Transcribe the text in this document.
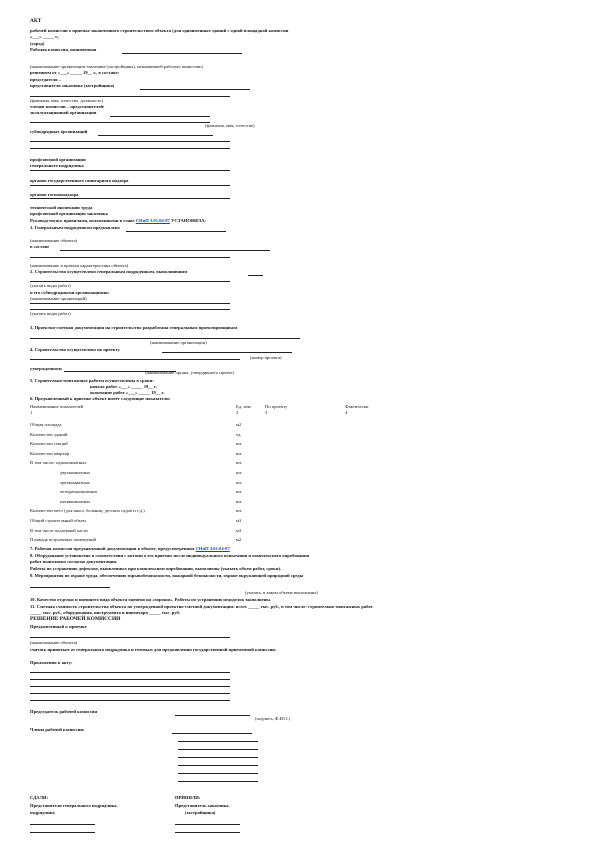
АКТ
рабочей комиссии о приемке законченного строительством объекта (для одноименных зданий с одной площадкой комиссии
«___» _____ г.,
(город)
Рабочая комиссия, назначенная
(наименование организации-заказчика (застройщика), назначившей рабочую комиссию)
решением от «___» _____ 19__ г., в составе:
председателя –
представителя заказчика (застройщика)
(фамилия, имя, отчество, должность)
членов комиссии – представителей:
эксплуатационной организации
(фамилия, имя, отчество)
субподрядных организаций
профсоюзной организации
генерального подрядчика
органов государственного санитарного надзора
органов госпожнадзора
технической инспекции труда
профсоюзной организации заказчика
Руководствуясь правилами, изложенными в главе СНиП 3.01.04-87 УСТАНОВИЛА:
1. Генеральным подрядчиком предъявлено
(наименование объекта)
в составе
(наименование и краткая характеристика объекта)
2. Строительство осуществлено генеральным подрядчиком, выполнившим
(указать виды работ)
и его субподрядными организациями:
(наименование организаций)
(указать виды работ)
3. Проектно-сметная документация на строительство разработана генеральным проектировщиком
(наименование организации)
4. Строительство осуществлено по проекту
(номер проекта)
утвержденному
(наименование органа, утвердившего проект)
5. Строительно-монтажные работы осуществлены в сроки:
начало работ «___» _____ 19__ г.
окончание работ «___» _____ 19__ г.
6. Предъявленный к приемке объект имеет следующие показатели:
Наименование показателей	Ед. изм.	По проекту	Фактически
1	2	3	4
Общая площадь	м2
Количество зданий	ед.
Количество секций	шт.
Количество квартир	шт.
В том числе: однокомнатных	шт.
двухкомнатных	шт.
трехкомнатных	шт.
четырехкомнатных	шт.
пятикомнатных	шт.
Количество мест (для школ, больниц, детских садов и т.д.)	шт.
Общий строительный объем	м3
В том числе подземной части	м3
Площадь встроенных помещений	м2
7. Рабочая комиссия предъявленной документации в объеме, предусмотренном СНиП 3.01.04-87
8. Оборудование установлено в соответствии с актами о его приемке после индивидуального испытания и комплексного опробования
работ выполнено согласно документации.
Работы по устранению дефектов, выявленных при комплексном опробовании, выполнены (указать объем работ, сроки).
9. Мероприятия по охране труда, обеспечению взрывобезопасности, пожарной безопасности, охране окружающей природной среды
(указать, в каком объеме выполнены)
10. Качество отделки и внешнего вида объекта оценено на «хорошо». Работы по устранению недоделок выполнены.
11. Сметная стоимость строительства объекта по утвержденной проектно-сметной документации: всего _____ тыс. руб., в том числе: строительно-монтажных работ
_____ тыс. руб., оборудования, инструмента и инвентаря _____ тыс. руб.
РЕШЕНИЕ РАБОЧЕЙ КОМИССИИ
Предъявленный к приемке
(наименование объекта)
считать принятым от генерального подрядчика и готовым для предъявления государственной приемочной комиссии.
Приложения к акту:
Председатель рабочей комиссии
(подпись, Ф.И.О.)
Члены рабочей комиссии:
СДАЛИ:	ПРИНЯЛИ:
Представители генерального подрядчика	Представитель заказчика
подрядчика	(застройщика)
